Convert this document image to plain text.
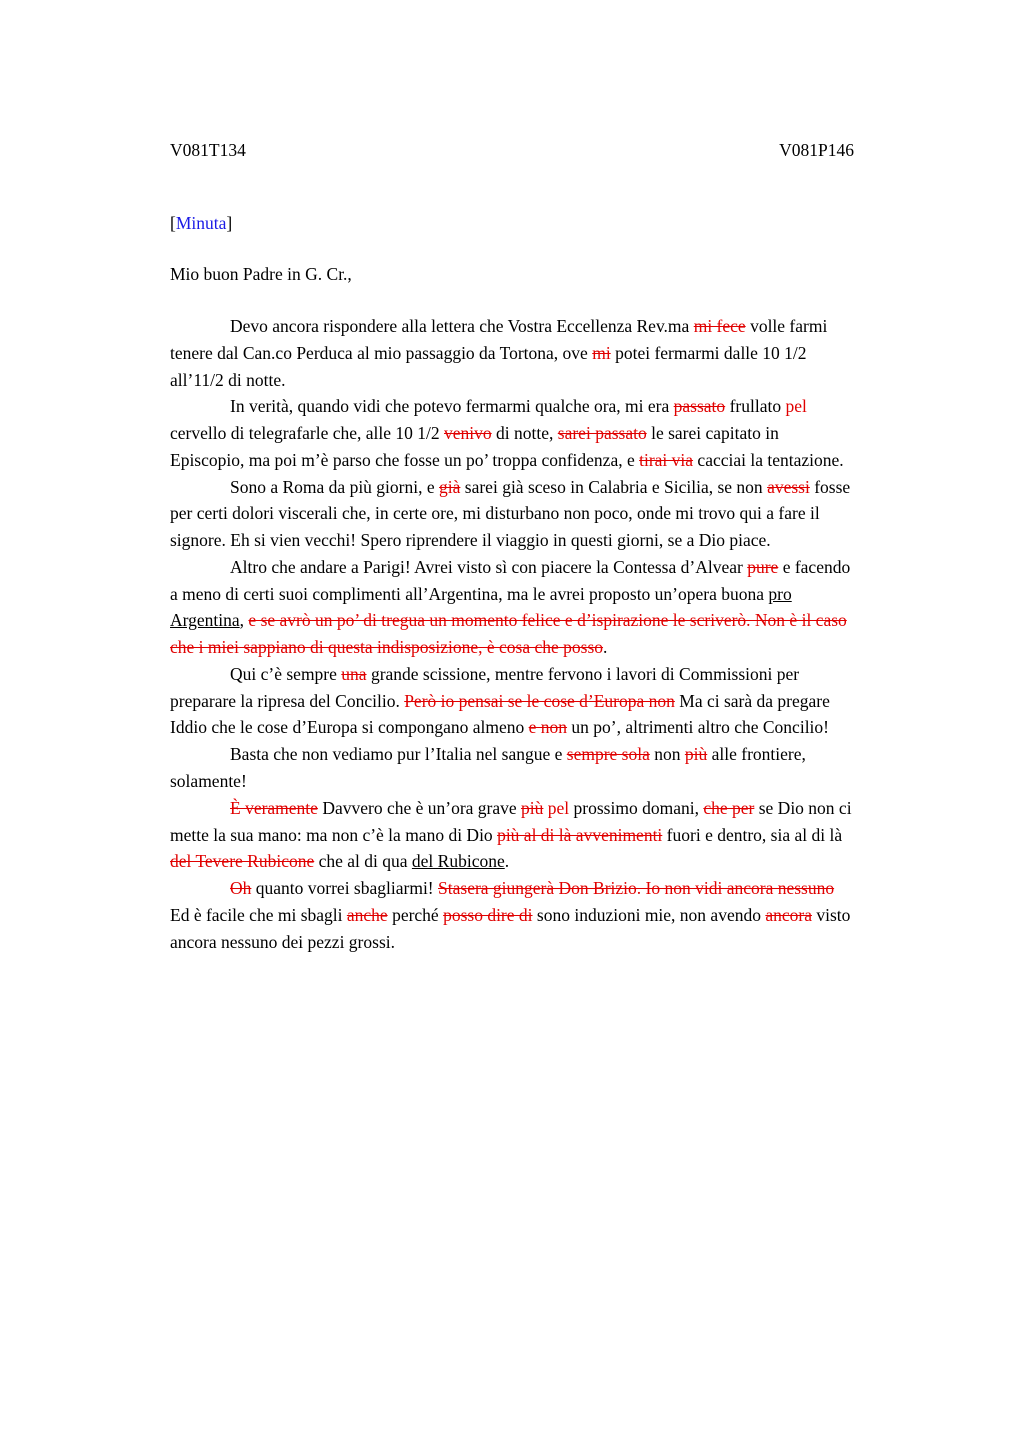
V081T134	V081P146
[Minuta]
Mio buon Padre in G. Cr.,

Devo ancora rispondere alla lettera che Vostra Eccellenza Rev.ma mi fece volle farmi tenere dal Can.co Perduca al mio passaggio da Tortona, ove mi potei fermarmi dalle 10 1/2 all’11/2 di notte.

In verità, quando vidi che potevo fermarmi qualche ora, mi era passato frullato pel cervello di telegrafarle che, alle 10 1/2 venivo di notte, sarei passato le sarei capitato in Episcopio, ma poi m’è parso che fosse un po’ troppa confidenza, e tirai via cacciai la tentazione.

Sono a Roma da più giorni, e già sarei già sceso in Calabria e Sicilia, se non avessi fosse per certi dolori viscerali che, in certe ore, mi disturbano non poco, onde mi trovo qui a fare il signore. Eh si vien vecchi! Spero riprendere il viaggio in questi giorni, se a Dio piace.

Altro che andare a Parigi! Avrei visto sì con piacere la Contessa d’Alvear pure e facendo a meno di certi suoi complimenti all’Argentina, ma le avrei proposto un’opera buona pro Argentina, e se avrò un po’ di tregua un momento felice e d’ispirazione le scriverò. Non è il caso che i miei sappiano di questa indisposizione, è cosa che posso.

Qui c’è sempre una grande scissione, mentre fervono i lavori di Commissioni per preparare la ripresa del Concilio. Però io pensai se le cose d’Europa non Ma ci sarà da pregare Iddio che le cose d’Europa si compongano almeno e non un po’, altrimenti altro che Concilio!

Basta che non vediamo pur l’Italia nel sangue e sempre sola non più alle frontiere, solamente!

È veramente Davvero che è un’ora grave più pel prossimo domani, che per se Dio non ci mette la sua mano: ma non c’è la mano di Dio più al di là avvenimenti fuori e dentro, sia al di là del Tevere Rubicone che al di qua del Rubicone.

Oh quanto vorrei sbagliarmi! Stasera giungerà Don Brizio. Io non vidi ancora nessuno Ed è facile che mi sbagli anche perché posso dire di sono induzioni mie, non avendo ancora visto ancora nessuno dei pezzi grossi.
